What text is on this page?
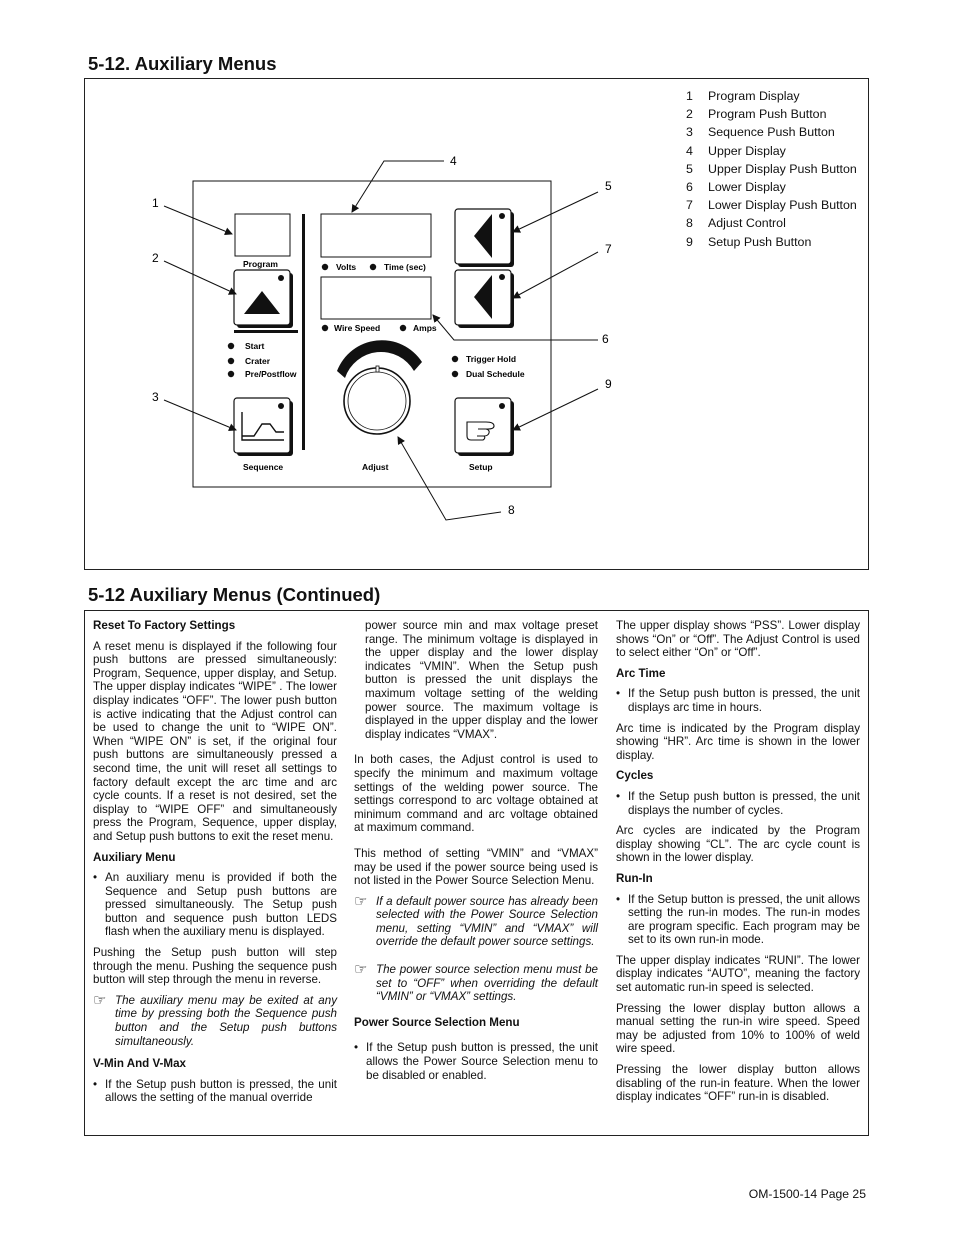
5-12. Auxiliary Menus
1	Program Display
2	Program Push Button
3	Sequence Push Button
4	Upper Display
5	Upper Display Push Button
6	Lower Display
7	Lower Display Push Button
8	Adjust Control
9	Setup Push Button
Program
Start
Crater
Pre/Postflow
Sequence
Volts	Time (sec)
Wire Speed	Amps
Adjust
Trigger Hold
Dual Schedule
Setup
1
2
3
4
5
7
6
9
8
5-12 Auxiliary Menus (Continued)
Reset To Factory Settings

A reset menu is displayed if the following four push buttons are pressed simultaneously: Program, Sequence, upper display, and Setup. The upper display indicates “WIPE” . The lower display indicates “OFF”. The lower push button is active indicating that the Adjust control can be used to change the unit to “WIPE ON”. When “WIPE ON” is set, if the original four push buttons are simultaneously pressed a second time, the unit will reset all settings to factory default except the arc time and arc cycle counts. If a reset is not desired, set the display to “WIPE OFF” and simultaneously press the Program, Sequence, upper display, and Setup push buttons to exit the reset menu.

Auxiliary Menu
• An auxiliary menu is provided if both the Sequence and Setup push buttons are pressed simultaneously. The Setup push button and sequence push button LEDS flash when the auxiliary menu is displayed.

Pushing the Setup push button will step through the menu. Pushing the sequence push button will step through the menu in reverse.

☞ The auxiliary menu may be exited at any time by pressing both the Sequence push button and the Setup push buttons simultaneously.
V-Min And V-Max
• If the Setup push button is pressed, the unit allows the setting of the manual override

power source min and max voltage preset range. The minimum voltage is displayed in the upper display and the lower display indicates “VMIN”. When the Setup push button is pressed the unit displays the maximum voltage setting of the welding power source. The maximum voltage is displayed in the upper display and the lower display indicates “VMAX”.

In both cases, the Adjust control is used to specify the minimum and maximum voltage settings of the welding power source. The settings correspond to arc voltage obtained at minimum command and arc voltage obtained at maximum command.

This method of setting “VMIN” and “VMAX” may be used if the power source being used is not listed in the Power Source Selection Menu.

☞ If a default power source has already been selected with the Power Source Selection menu, setting “VMIN” and “VMAX” will override the default power source settings.
☞ The power source selection menu must be set to “OFF” when overriding the default “VMIN” or “VMAX” settings.
Power Source Selection Menu
• If the Setup push button is pressed, the unit allows the Power Source Selection menu to be disabled or enabled.

The upper display shows “PSS”. Lower display shows “On” or “Off”. The Adjust Control is used to select either “On” or “Off”.

Arc Time
• If the Setup push button is pressed, the unit displays arc time in hours.

Arc time is indicated by the Program display showing “HR”. Arc time is shown in the lower display.

Cycles
• If the Setup push button is pressed, the unit displays the number of cycles.

Arc cycles are indicated by the Program display showing “CL”. The arc cycle count is shown in the lower display.

Run-In
• If the Setup button is pressed, the unit allows setting the run-in modes. The run-in modes are program specific. Each program may be set to its own run-in mode.

The upper display indicates “RUNI”. The lower display indicates “AUTO”, meaning the factory set automatic run-in speed is selected.

Pressing the lower display button allows a manual setting the run-in wire speed. Speed may be adjusted from 10% to 100% of weld wire speed.

Pressing the lower display button allows disabling of the run-in feature. When the lower display indicates “OFF” run-in is disabled.

OM-1500-14 Page 25
